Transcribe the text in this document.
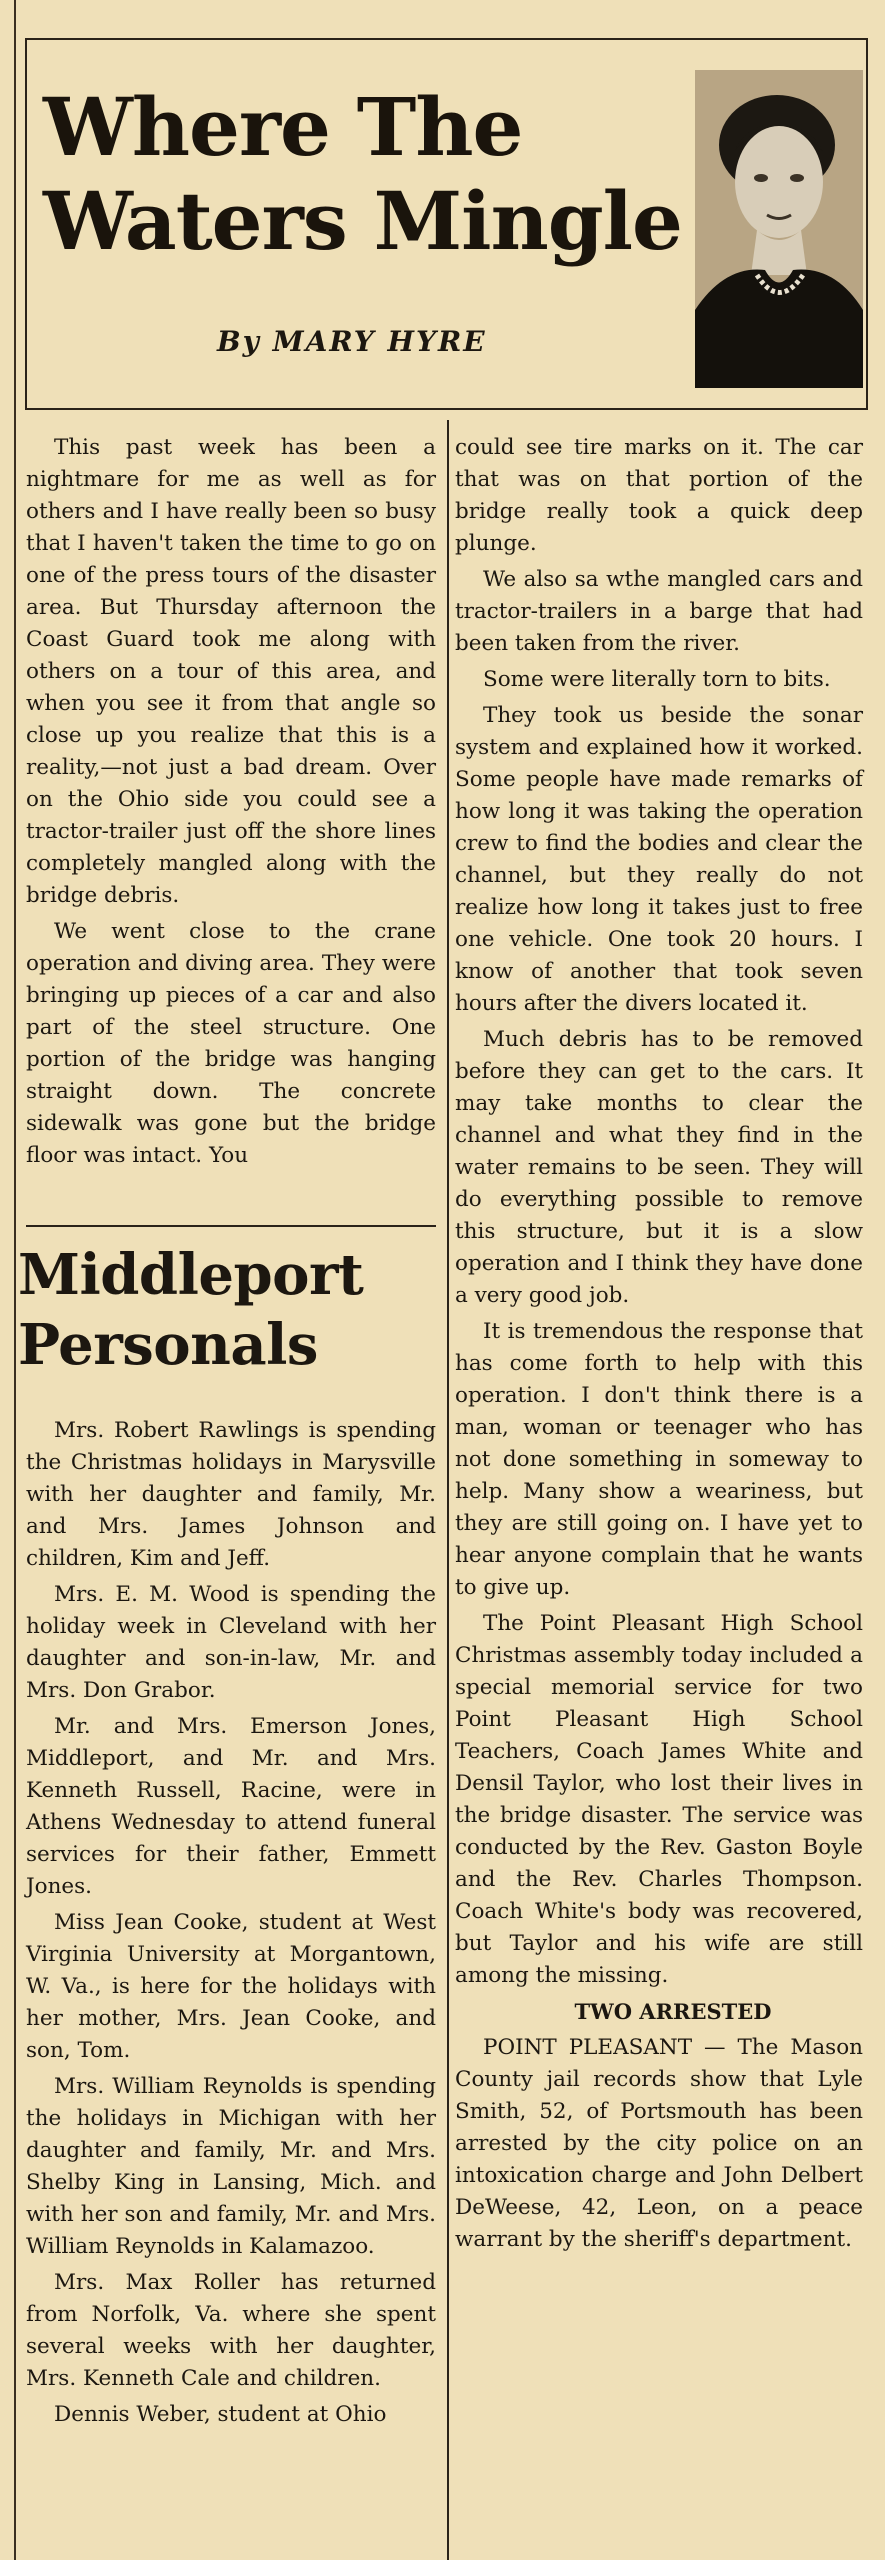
Where The Waters Mingle
By MARY HYRE

This past week has been a nightmare for me as well as for others and I have really been so busy that I haven't taken the time to go on one of the press tours of the disaster area. But Thursday afternoon the Coast Guard took me along with others on a tour of this area, and when you see it from that angle so close up you realize that this is a reality,—not just a bad dream. Over on the Ohio side you could see a tractor-trailer just off the shore lines completely mangled along with the bridge debris.

We went close to the crane operation and diving area. They were bringing up pieces of a car and also part of the steel structure. One portion of the bridge was hanging straight down. The concrete sidewalk was gone but the bridge floor was intact. You

Middleport Personals

Mrs. Robert Rawlings is spending the Christmas holidays in Marysville with her daughter and family, Mr. and Mrs. James Johnson and children, Kim and Jeff.

Mrs. E. M. Wood is spending the holiday week in Cleveland with her daughter and son-in-law, Mr. and Mrs. Don Grabor.

Mr. and Mrs. Emerson Jones, Middleport, and Mr. and Mrs. Kenneth Russell, Racine, were in Athens Wednesday to attend funeral services for their father, Emmett Jones.

Miss Jean Cooke, student at West Virginia University at Morgantown, W. Va., is here for the holidays with her mother, Mrs. Jean Cooke, and son, Tom.

Mrs. William Reynolds is spending the holidays in Michigan with her daughter and family, Mr. and Mrs. Shelby King in Lansing, Mich. and with her son and family, Mr. and Mrs. William Reynolds in Kalamazoo.

Mrs. Max Roller has returned from Norfolk, Va. where she spent several weeks with her daughter, Mrs. Kenneth Cale and children.

Dennis Weber, student at Ohio

could see tire marks on it. The car that was on that portion of the bridge really took a quick deep plunge.

We also sa wthe mangled cars and tractor-trailers in a barge that had been taken from the river.

Some were literally torn to bits.

They took us beside the sonar system and explained how it worked. Some people have made remarks of how long it was taking the operation crew to find the bodies and clear the channel, but they really do not realize how long it takes just to free one vehicle. One took 20 hours. I know of another that took seven hours after the divers located it.

Much debris has to be removed before they can get to the cars. It may take months to clear the channel and what they find in the water remains to be seen. They will do everything possible to remove this structure, but it is a slow operation and I think they have done a very good job.

It is tremendous the response that has come forth to help with this operation. I don't think there is a man, woman or teenager who has not done something in someway to help. Many show a weariness, but they are still going on. I have yet to hear anyone complain that he wants to give up.

The Point Pleasant High School Christmas assembly today included a special memorial service for two Point Pleasant High School Teachers, Coach James White and Densil Taylor, who lost their lives in the bridge disaster. The service was conducted by the Rev. Gaston Boyle and the Rev. Charles Thompson. Coach White's body was recovered, but Taylor and his wife are still among the missing.

TWO ARRESTED

POINT PLEASANT — The Mason County jail records show that Lyle Smith, 52, of Portsmouth has been arrested by the city police on an intoxication charge and John Delbert DeWeese, 42, Leon, on a peace warrant by the sheriff's department.
